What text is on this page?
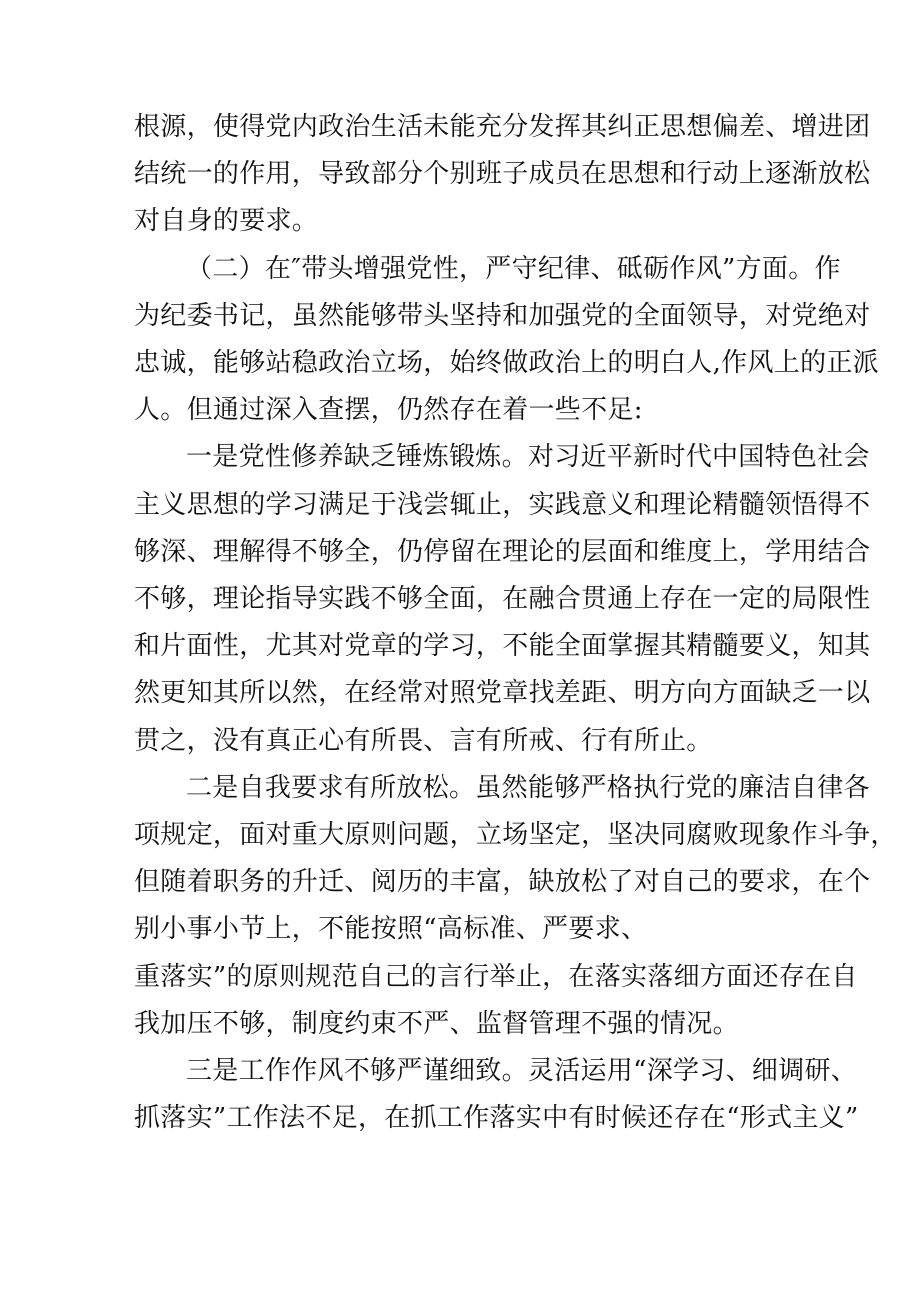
根源，使得党内政治生活未能充分发挥其纠正思想偏差、增进团
结统一的作用，导致部分个别班子成员在思想和行动上逐渐放松
对自身的要求。
（二）在″带头增强党性，严守纪律、砥砺作风”方面。作
为纪委书记，虽然能够带头坚持和加强党的全面领导，对党绝对
忠诚，能够站稳政治立场，始终做政治上的明白人,作风上的正派
人。但通过深入查摆，仍然存在着一些不足:
一是党性修养缺乏锤炼锻炼。对习近平新时代中国特色社会
主义思想的学习满足于浅尝辄止，实践意义和理论精髓领悟得不
够深、理解得不够全，仍停留在理论的层面和维度上，学用结合
不够，理论指导实践不够全面，在融合贯通上存在一定的局限性
和片面性，尤其对党章的学习，不能全面掌握其精髓要义，知其
然更知其所以然，在经常对照党章找差距、明方向方面缺乏一以
贯之，没有真正心有所畏、言有所戒、行有所止。
二是自我要求有所放松。虽然能够严格执行党的廉洁自律各
项规定，面对重大原则问题，立场坚定，坚决同腐败现象作斗争，
但随着职务的升迁、阅历的丰富，缺放松了对自己的要求，在个
别小事小节上，不能按照“高标准、严要求、
重落实”的原则规范自己的言行举止，在落实落细方面还存在自
我加压不够，制度约束不严、监督管理不强的情况。
三是工作作风不够严谨细致。灵活运用“深学习、细调研、
抓落实”工作法不足，在抓工作落实中有时候还存在“形式主义”
